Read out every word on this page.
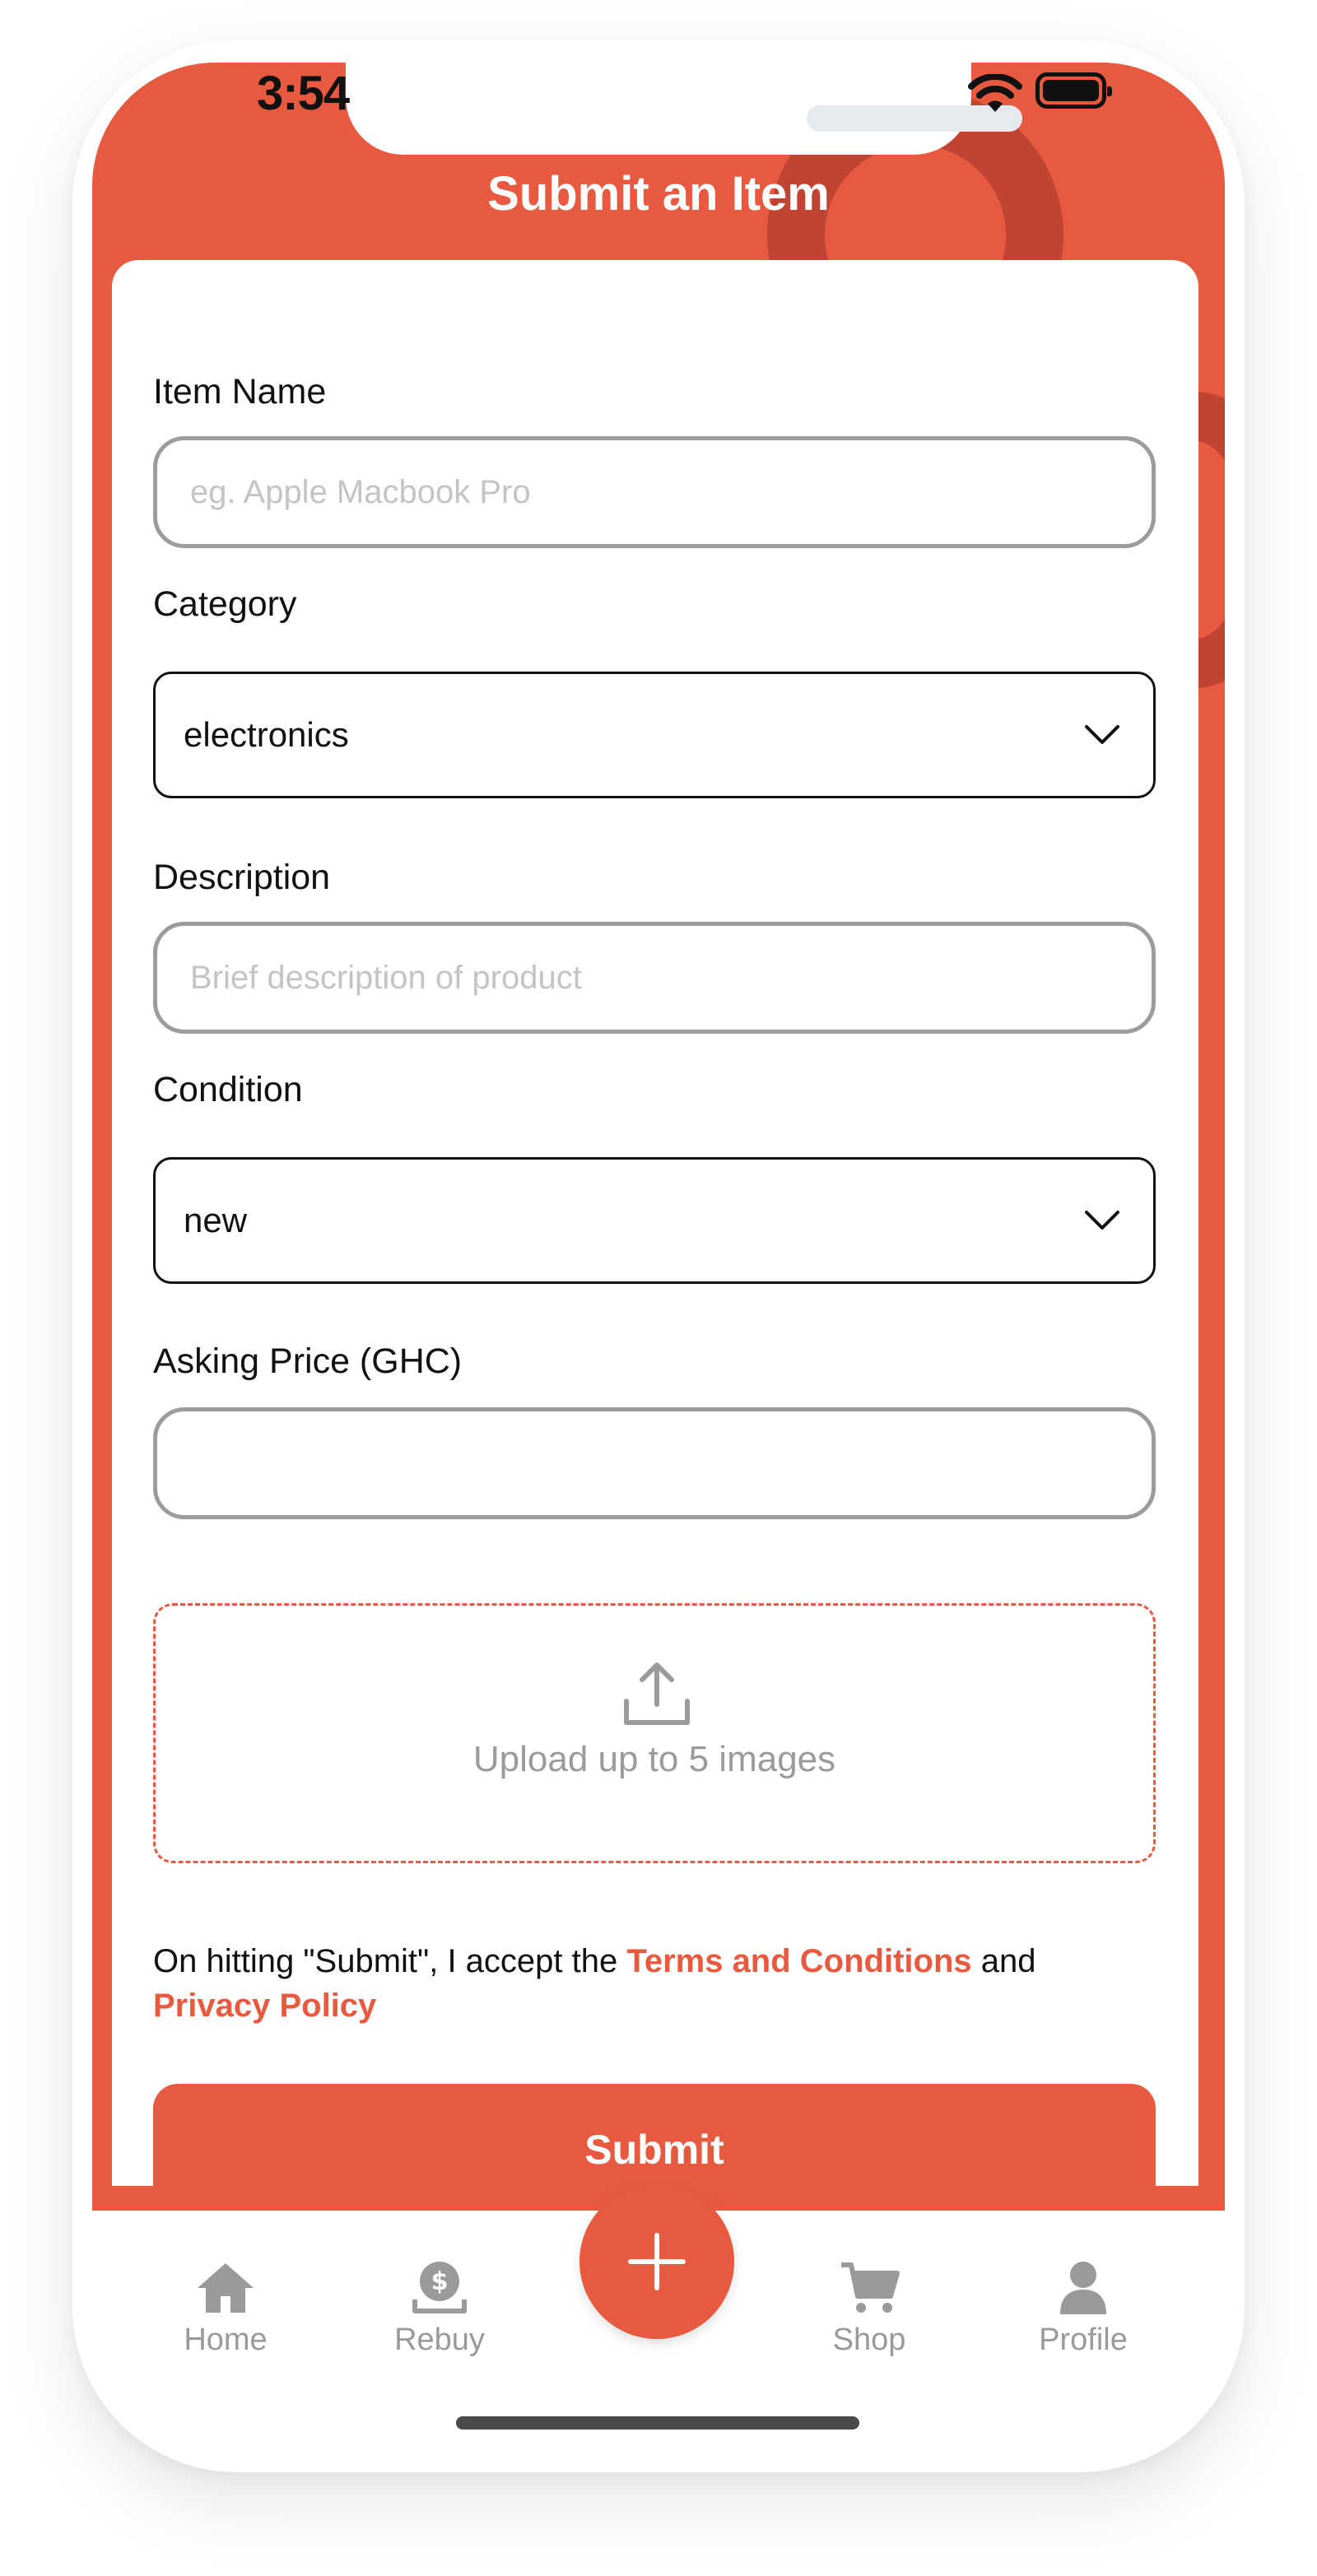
3:54
Submit an Item
Item Name
eg. Apple Macbook Pro
Category
electronics
Description
Brief description of product
Condition
new
Asking Price (GHC)
Upload up to 5 images
On hitting "Submit", I accept the Terms and Conditions and
Privacy Policy
Submit
Home
$
Rebuy	Shop	Profile
